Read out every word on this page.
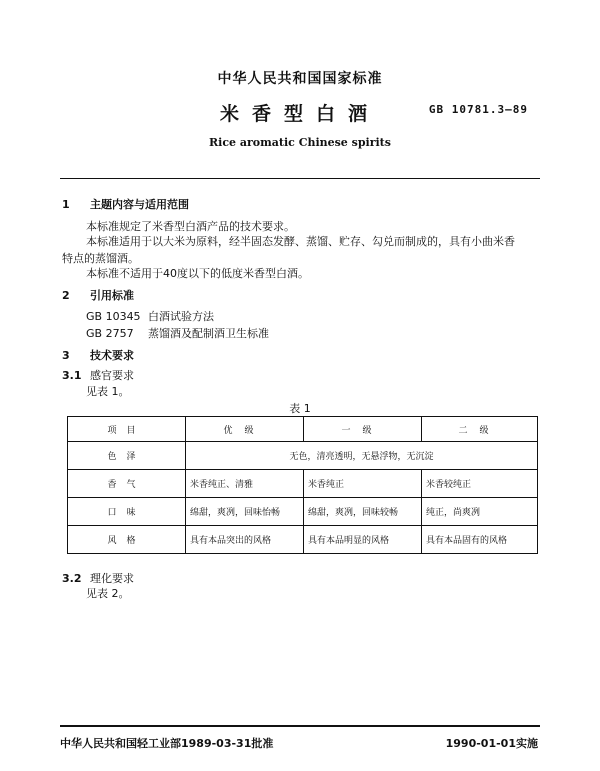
中华人民共和国国家标准
米香型白酒	GB 10781.3—89
Rice aromatic Chinese spirits
1 主题内容与适用范围
本标准规定了米香型白酒产品的技术要求。
本标准适用于以大米为原料，经半固态发酵、蒸馏、贮存、勾兑而制成的，具有小曲米香特点的蒸馏酒。
本标准不适用于40度以下的低度米香型白酒。
2 引用标准
GB 10345 白酒试验方法
GB 2757 蒸馏酒及配制酒卫生标准
3 技术要求
3.1 感官要求
见表 1。
表 1
项目	优级	一级	二级
色泽	无色，清亮透明，无悬浮物，无沉淀		
香气	米香纯正、清雅	米香纯正	米香较纯正
口味	绵甜，爽冽，回味怡畅	绵甜，爽冽，回味较畅	纯正，尚爽冽
风格	具有本品突出的风格	具有本品明显的风格	具有本品固有的风格
3.2 理化要求
见表 2。
中华人民共和国轻工业部1989-03-31批准	1990-01-01实施
